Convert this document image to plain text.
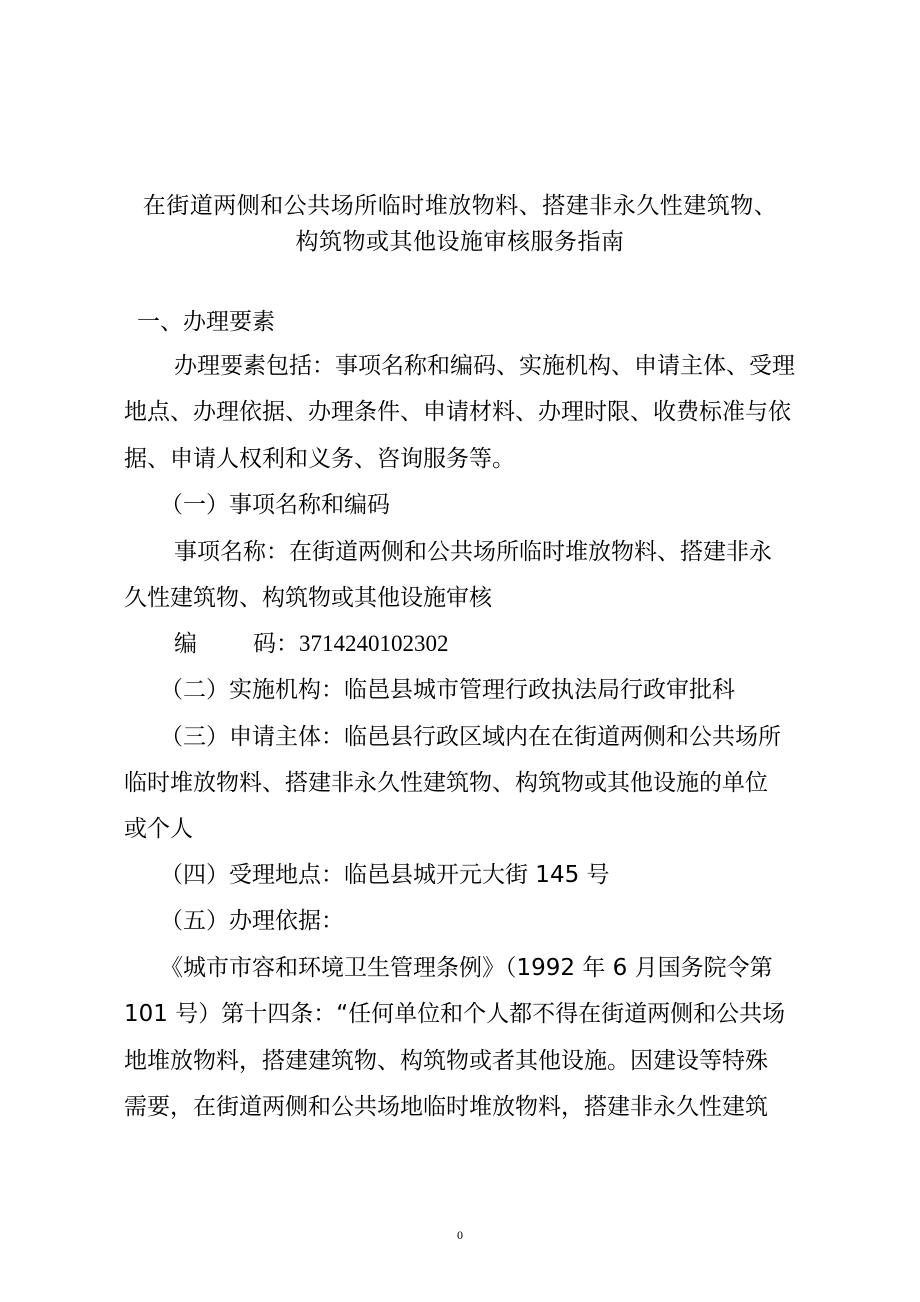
在街道两侧和公共场所临时堆放物料、搭建非永久性建筑物、
构筑物或其他设施审核服务指南
一、办理要素
办理要素包括：事项名称和编码、实施机构、申请主体、受理
地点、办理依据、办理条件、申请材料、办理时限、收费标准与依
据、申请人权利和义务、咨询服务等。
（一）事项名称和编码
事项名称：在街道两侧和公共场所临时堆放物料、搭建非永
久性建筑物、构筑物或其他设施审核
编 码：3714240102302
（二）实施机构：临邑县城市管理行政执法局行政审批科
（三）申请主体：临邑县行政区域内在在街道两侧和公共场所
临时堆放物料、搭建非永久性建筑物、构筑物或其他设施的单位
或个人
（四）受理地点：临邑县城开元大街 145 号
（五）办理依据：
《城市市容和环境卫生管理条例》（1992 年 6 月国务院令第
101 号）第十四条：“任何单位和个人都不得在街道两侧和公共场
地堆放物料，搭建建筑物、构筑物或者其他设施。因建设等特殊
需要，在街道两侧和公共场地临时堆放物料，搭建非永久性建筑
0
